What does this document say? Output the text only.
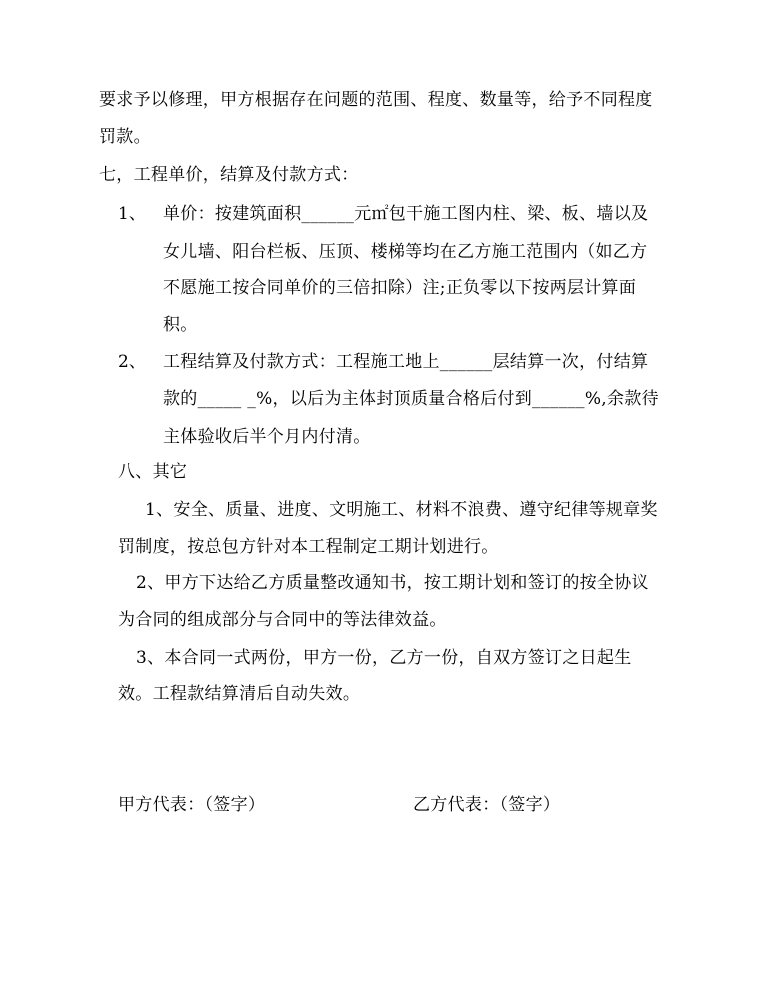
要求予以修理，甲方根据存在问题的范围、程度、数量等，给予不同程度
罚款。
七，工程单价，结算及付款方式：
1、 单价：按建筑面积______元㎡包干施工图内柱、梁、板、墙以及
女儿墙、阳台栏板、压顶、楼梯等均在乙方施工范围内（如乙方
不愿施工按合同单价的三倍扣除）注;正负零以下按两层计算面
积。
2、 工程结算及付款方式：工程施工地上______层结算一次，付结算
款的_____ _%，以后为主体封顶质量合格后付到______%,余款待
主体验收后半个月内付清。
八、其它
1、安全、质量、进度、文明施工、材料不浪费、遵守纪律等规章奖
罚制度，按总包方针对本工程制定工期计划进行。
2、甲方下达给乙方质量整改通知书，按工期计划和签订的按全协议
为合同的组成部分与合同中的等法律效益。
3、本合同一式两份，甲方一份，乙方一份，自双方签订之日起生
效。工程款结算清后自动失效。
甲方代表：（签字）	乙方代表：（签字）
